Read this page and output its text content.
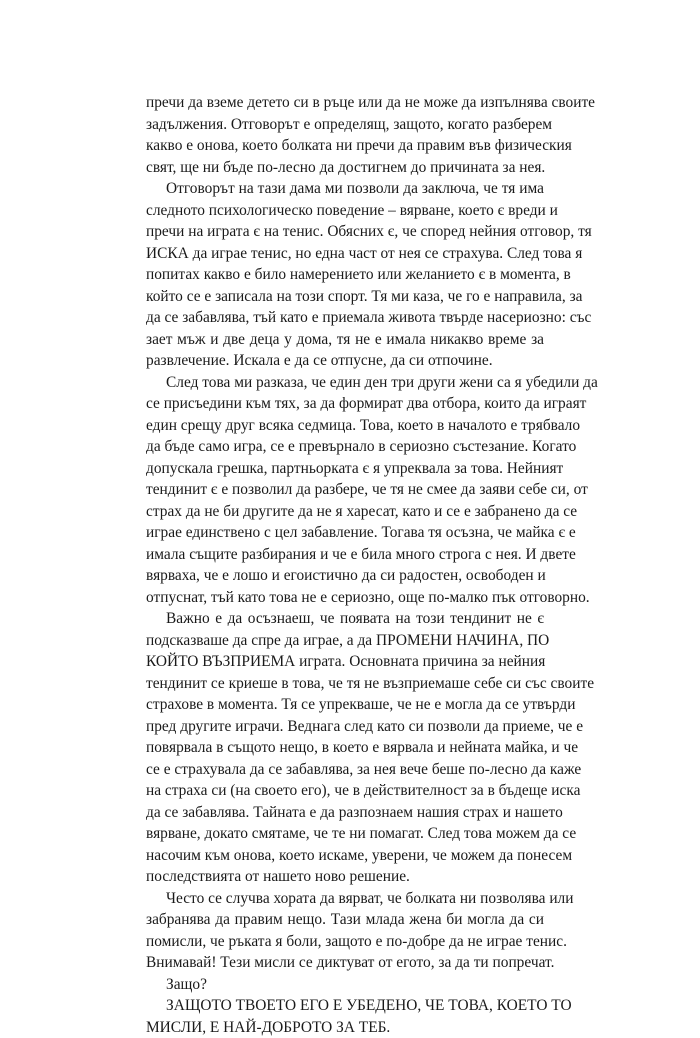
пречи да вземе детето си в ръце или да не може да изпълнява своите
задължения. Отговорът е определящ, защото, когато разберем
какво е онова, което болката ни пречи да правим във физическия
свят, ще ни бъде по-лесно да достигнем до причината за нея.
Отговорът на тази дама ми позволи да заключа, че тя има
следното психологическо поведение – вярване, което є вреди и
пречи на играта є на тенис. Обясних є, че според нейния отговор, тя
ИСКА да играе тенис, но една част от нея се страхува. След това я
попитах какво е било намерението или желанието є в момента, в
който се е записала на този спорт. Тя ми каза, че го е направила, за
да се забавлява, тъй като е приемала живота твърде насериозно: със
зает мъж и две деца у дома, тя не е имала никакво време за
развлечение. Искала е да се отпусне, да си отпочине.
След това ми разказа, че един ден три други жени са я убедили да
се присъедини към тях, за да формират два отбора, които да играят
един срещу друг всяка седмица. Това, което в началото е трябвало
да бъде само игра, се е превърнало в сериозно състезание. Когато
допускала грешка, партньорката є я упреквала за това. Нейният
тендинит є е позволил да разбере, че тя не смее да заяви себе си, от
страх да не би другите да не я харесат, като и се е забранено да се
играе единствено с цел забавление. Тогава тя осъзна, че майка є е
имала същите разбирания и че е била много строга с нея. И двете
вярваха, че е лошо и егоистично да си радостен, освободен и
отпуснат, тъй като това не е сериозно, още по-малко пък отговорно.
Важно е да осъзнаеш, че появата на този тендинит не є
подсказваше да спре да играе, а да ПРОМЕНИ НАЧИНА, ПО
КОЙТО ВЪЗПРИЕМА играта. Основната причина за нейния
тендинит се криеше в това, че тя не възприемаше себе си със своите
страхове в момента. Тя се упрекваше, че не е могла да се утвърди
пред другите играчи. Веднага след като си позволи да приеме, че е
повярвала в същото нещо, в което е вярвала и нейната майка, и че
се е страхувала да се забавлява, за нея вече беше по-лесно да каже
на страха си (на своето его), че в действителност за в бъдеще иска
да се забавлява. Тайната е да разпознаем нашия страх и нашето
вярване, докато смятаме, че те ни помагат. След това можем да се
насочим към онова, което искаме, уверени, че можем да понесем
последствията от нашето ново решение.
Често се случва хората да вярват, че болката ни позволява или
забранява да правим нещо. Тази млада жена би могла да си
помисли, че ръката я боли, защото е по-добре да не играе тенис.
Внимавай! Тези мисли се диктуват от егото, за да ти попречат.
Защо?
ЗАЩОТО ТВОЕТО ЕГО Е УБЕДЕНО, ЧЕ ТОВА, КОЕТО ТО
МИСЛИ, Е НАЙ-ДОБРОТО ЗА ТЕБ.
